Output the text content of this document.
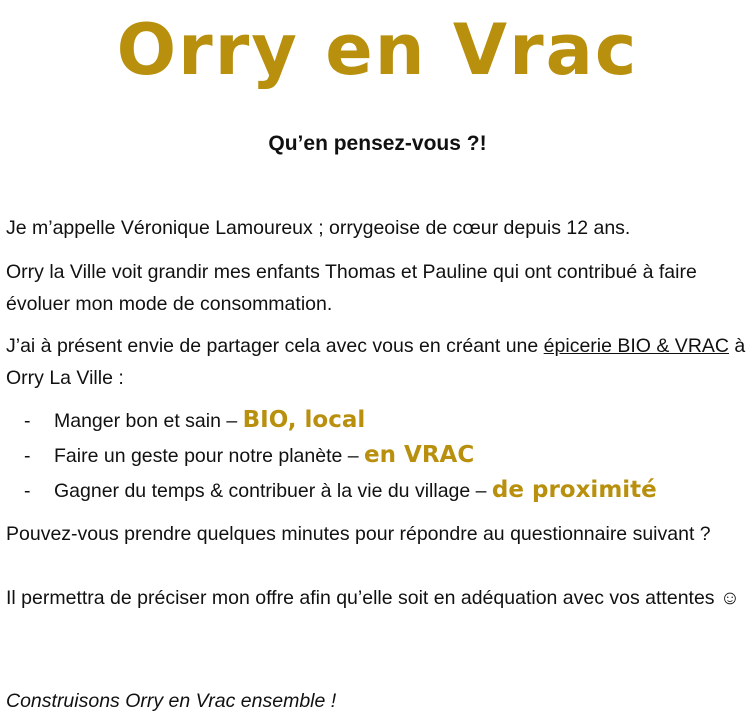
Orry en Vrac
Qu’en pensez-vous ?!
Je m’appelle Véronique Lamoureux ; orrygeoise de cœur depuis 12 ans.
Orry la Ville voit grandir mes enfants Thomas et Pauline qui ont contribué à faire évoluer mon mode de consommation.
J’ai à présent envie de partager cela avec vous en créant une épicerie BIO & VRAC à Orry La Ville :
- Manger bon et sain – BIO, local
- Faire un geste pour notre planète – en VRAC
- Gagner du temps & contribuer à la vie du village – de proximité
Pouvez-vous prendre quelques minutes pour répondre au questionnaire suivant ?
Il permettra de préciser mon offre afin qu’elle soit en adéquation avec vos attentes ☺
Construisons Orry en Vrac ensemble !
